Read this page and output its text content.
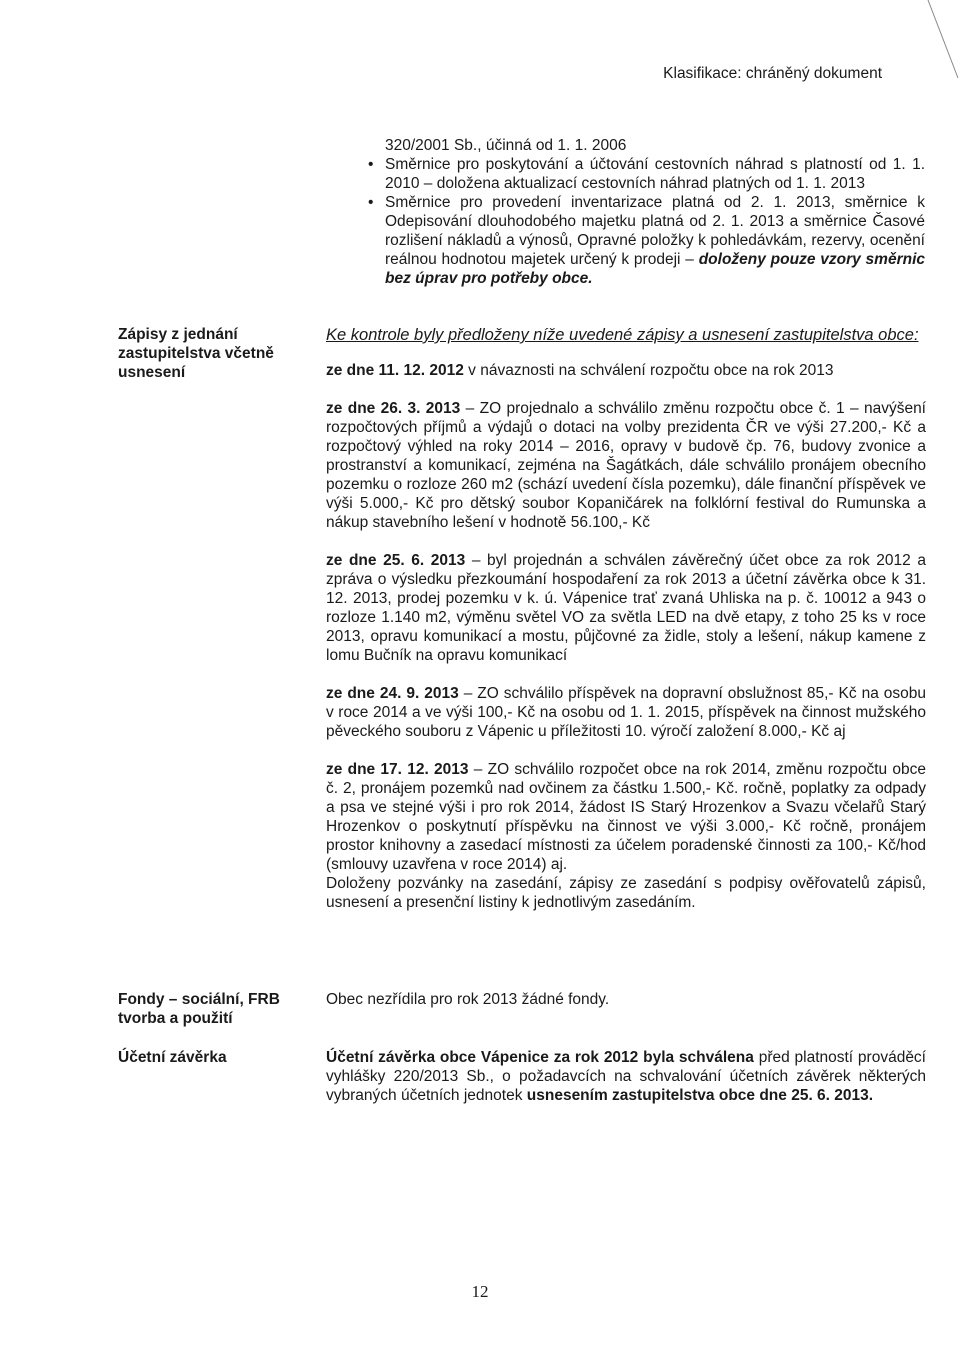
Klasifikace: chráněný dokument
320/2001 Sb., účinná od 1. 1. 2006
• Směrnice pro poskytování a účtování cestovních náhrad s platností od 1. 1. 2010 – doložena aktualizací cestovních náhrad platných od 1. 1. 2013
• Směrnice pro provedení inventarizace platná od 2. 1. 2013, směrnice k Odepisování dlouhodobého majetku platná od 2. 1. 2013 a směrnice Časové rozlišení nákladů a výnosů, Opravné položky k pohledávkám, rezervy, ocenění reálnou hodnotou majetek určený k prodeji – doloženy pouze vzory směrnic bez úprav pro potřeby obce.
Zápisy z jednání zastupitelstva včetně usnesení

Ke kontrole byly předloženy níže uvedené zápisy a usnesení zastupitelstva obce:

ze dne 11. 12. 2012 v návaznosti na schválení rozpočtu obce na rok 2013

ze dne 26. 3. 2013 – ZO projednalo a schválilo změnu rozpočtu obce č. 1 – navýšení rozpočtových příjmů a výdajů o dotaci na volby prezidenta ČR ve výši 27.200,- Kč a rozpočtový výhled na roky 2014 – 2016, opravy v budově čp. 76, budovy zvonice a prostranství a komunikací, zejména na Šagátkách, dále schválilo pronájem obecního pozemku o rozloze 260 m2 (schází uvedení čísla pozemku), dále finanční příspěvek ve výši 5.000,- Kč pro dětský soubor Kopaničárek na folklórní festival do Rumunska a nákup stavebního lešení v hodnotě 56.100,- Kč

ze dne 25. 6. 2013 – byl projednán a schválen závěrečný účet obce za rok 2012 a zpráva o výsledku přezkoumání hospodaření za rok 2013 a účetní závěrka obce k 31. 12. 2013, prodej pozemku v k. ú. Vápenice trať zvaná Uhliska na p. č. 10012 a 943 o rozloze 1.140 m2, výměnu světel VO za světla LED na dvě etapy, z toho 25 ks v roce 2013, opravu komunikací a mostu, půjčovné za židle, stoly a lešení, nákup kamene z lomu Bučník na opravu komunikací

ze dne 24. 9. 2013 – ZO schválilo příspěvek na dopravní obslužnost 85,- Kč na osobu v roce 2014 a ve výši 100,- Kč na osobu od 1. 1. 2015, příspěvek na činnost mužského pěveckého souboru z Vápenic u příležitosti 10. výročí založení 8.000,- Kč aj

ze dne 17. 12. 2013 – ZO schválilo rozpočet obce na rok 2014, změnu rozpočtu obce č. 2, pronájem pozemků nad ovčinem za částku 1.500,- Kč. ročně, poplatky za odpady a psa ve stejné výši i pro rok 2014, žádost IS Starý Hrozenkov a Svazu včelařů Starý Hrozenkov o poskytnutí příspěvku na činnost ve výši 3.000,- Kč ročně, pronájem prostor knihovny a zasedací místnosti za účelem poradenské činnosti za 100,- Kč/hod (smlouvy uzavřena v roce 2014) aj.

Doloženy pozvánky na zasedání, zápisy ze zasedání s podpisy ověřovatelů zápisů, usnesení a presenční listiny k jednotlivým zasedáním.

Fondy – sociální, FRB tvorba a použití

Obec nezřídila pro rok 2013 žádné fondy.

Účetní závěrka	Účetní závěrka obce Vápenice za rok 2012 byla schválena před platností prováděcí vyhlášky 220/2013 Sb., o požadavcích na schvalování účetních závěrek některých vybraných účetních jednotek usnesením zastupitelstva obce dne 25. 6. 2013.

12
